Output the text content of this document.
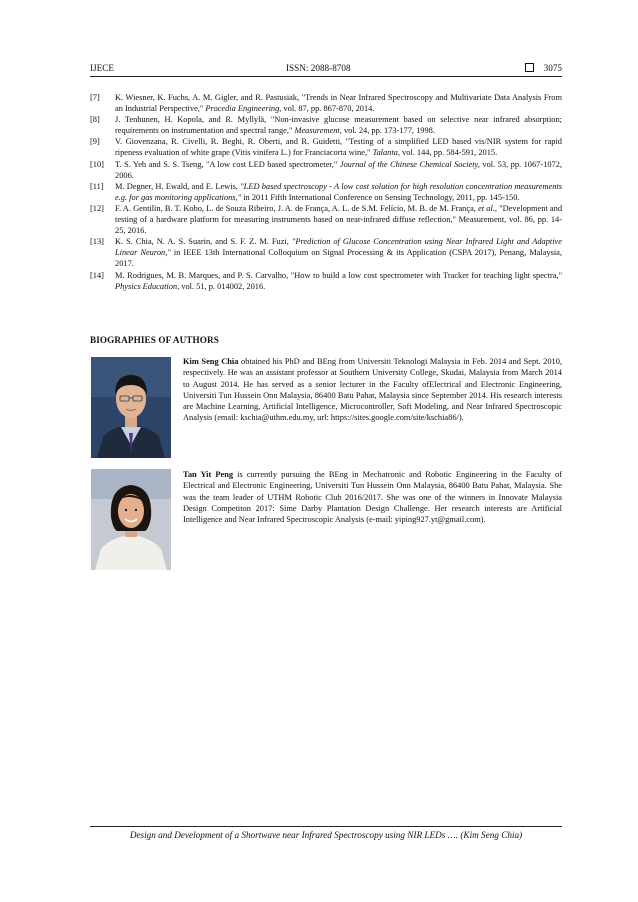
IJECE	ISSN: 2088-8708	3075
[7] K. Wiesner, K. Fuchs, A. M. Gigler, and R. Pastusiak, "Trends in Near Infrared Spectroscopy and Multivariate Data Analysis From an Industrial Perspective," Procedia Engineering, vol. 87, pp. 867-870, 2014.
[8] J. Tenhunen, H. Kopola, and R. Myllylä, "Non-invasive glucose measurement based on selective near infrared absorption; requirements on instrumentation and spectral range," Measurement, vol. 24, pp. 173-177, 1998.
[9] V. Giovenzana, R. Civelli, R. Beghi, R. Oberti, and R. Guidetti, "Testing of a simplified LED based vis/NIR system for rapid ripeness evaluation of white grape (Vitis vinifera L.) for Franciacorta wine," Talanta, vol. 144, pp. 584-591, 2015.
[10] T. S. Yeh and S. S. Tseng, "A low cost LED based spectrometer," Journal of the Chinese Chemical Society, vol. 53, pp. 1067-1072, 2006.
[11] M. Degner, H. Ewald, and E. Lewis, "LED based spectroscopy - A low cost solution for high resolution concentration measurements e.g. for gas monitoring applications," in 2011 Fifth International Conference on Sensing Technology, 2011, pp. 145-150.
[12] F. A. Gentilin, B. T. Kobo, L. de Souza Ribeiro, J. A. de França, A. L. de S.M. Felício, M. B. de M. França, et al., "Development and testing of a hardware platform for measuring instruments based on near-infrared diffuse reflection," Measurement, vol. 86, pp. 14-25, 2016.
[13] K. S. Chia, N. A. S. Suarin, and S. F. Z. M. Fuzi, "Prediction of Glucose Concentration using Near Infrared Light and Adaptive Linear Neuron," in IEEE 13th International Colloquium on Signal Processing & its Application (CSPA 2017), Penang, Malaysia, 2017.
[14] M. Rodrigues, M. B. Marques, and P. S. Carvalho, "How to build a low cost spectrometer with Tracker for teaching light spectra," Physics Education, vol. 51, p. 014002, 2016.
BIOGRAPHIES OF AUTHORS
Kim Seng Chia obtained his PhD and BEng from Universiti Teknologi Malaysia in Feb. 2014 and Sept. 2010, respectively. He was an assistant professor at Southern University College, Skudai, Malaysia from March 2014 to August 2014. He has served as a senior lecturer in the Faculty ofElectrical and Electronic Engineering, Universiti Tun Hussein Onn Malaysia, 86400 Batu Pahat, Malaysia since September 2014. His research interests are Machine Learning, Artificial Intelligence, Microcontroller, Soft Modeling, and Near Infrared Spectroscopic Analysis (email: kschia@uthm.edu.my, url: https://sites.google.com/site/kschia86/).
Tan Yit Peng is currently pursuing the BEng in Mechatronic and Robotic Engineering in the Faculty of Electrical and Electronic Engineering, Universiti Tun Hussein Onn Malaysia, 86400 Batu Pahat, Malaysia. She was the team leader of UTHM Robotic Club 2016/2017. She was one of the winners in Innovate Malaysia Design Competiton 2017: Sime Darby Plantation Design Challenge. Her research interests are Artificial Intelligence and Near Infrared Spectroscopic Analysis (e-mail: yiping927.yt@gmail.com).
Design and Development of a Shortwave near Infrared Spectroscopy using NIR LEDs …. (Kim Seng Chia)
